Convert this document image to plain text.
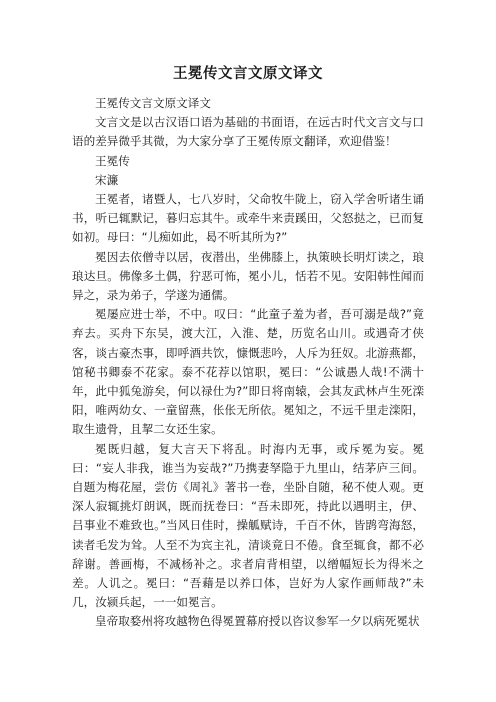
王冕传文言文原文译文

王冕传文言文原文译文

文言文是以古汉语口语为基础的书面语，在远古时代文言文与口语的差异微乎其微，为大家分享了王冕传原文翻译，欢迎借鉴！

王冕传

宋濂

王冕者，诸暨人，七八岁时，父命牧牛陇上，窃入学舍听诸生诵书，听已辄默记，暮归忘其牛。或牵牛来责蹊田，父怒挞之，已而复如初。母曰：“儿痴如此，曷不听其所为?”

冕因去依僧寺以居，夜潜出，坐佛膝上，执策映长明灯读之，琅琅达旦。佛像多土偶，狞恶可怖，冕小儿，恬若不见。安阳韩性闻而异之，录为弟子，学遂为通儒。

冕屡应进士举，不中。叹曰：“此童子羞为者，吾可溺是哉?”竟弃去。买舟下东吴，渡大江，入淮、楚，历览名山川。或遇奇才侠客，谈古豪杰事，即呼酒共饮，慷慨悲吟，人斥为狂奴。北游燕都，馆秘书卿泰不花家。泰不花荐以馆职，冕曰：“公诚愚人哉!不满十年，此中狐兔游矣，何以禄仕为?”即日将南辕，会其友武林卢生死滦阳，唯两幼女、一童留燕，伥伥无所依。冕知之，不远千里走滦阳，取生遗骨，且挈二女还生家。

冕既归越，复大言天下将乱。时海内无事，或斥冕为妄。冕曰：“妄人非我，谁当为妄哉?”乃携妻孥隐于九里山，结茅庐三间。自题为梅花屋，尝仿《周礼》著书一卷，坐卧自随，秘不使人观。更深人寂辄挑灯朗讽，既而抚卷曰：“吾未即死，持此以遇明主，伊、吕事业不难致也。”当风日佳时，操觚赋诗，千百不休，皆鹍弯海怒，读者毛发为耸。人至不为宾主礼，清谈竟日不倦。食至辄食，都不必辞谢。善画梅，不减杨补之。求者肩背相望，以缯幅短长为得米之差。人讥之。冕曰：“吾藉是以养口体，岂好为人家作画师哉?”未几，汝颍兵起，一一如冕言。

皇帝取婺州将攻越物色得冕置幕府授以咨议参军一夕以病死冕状
